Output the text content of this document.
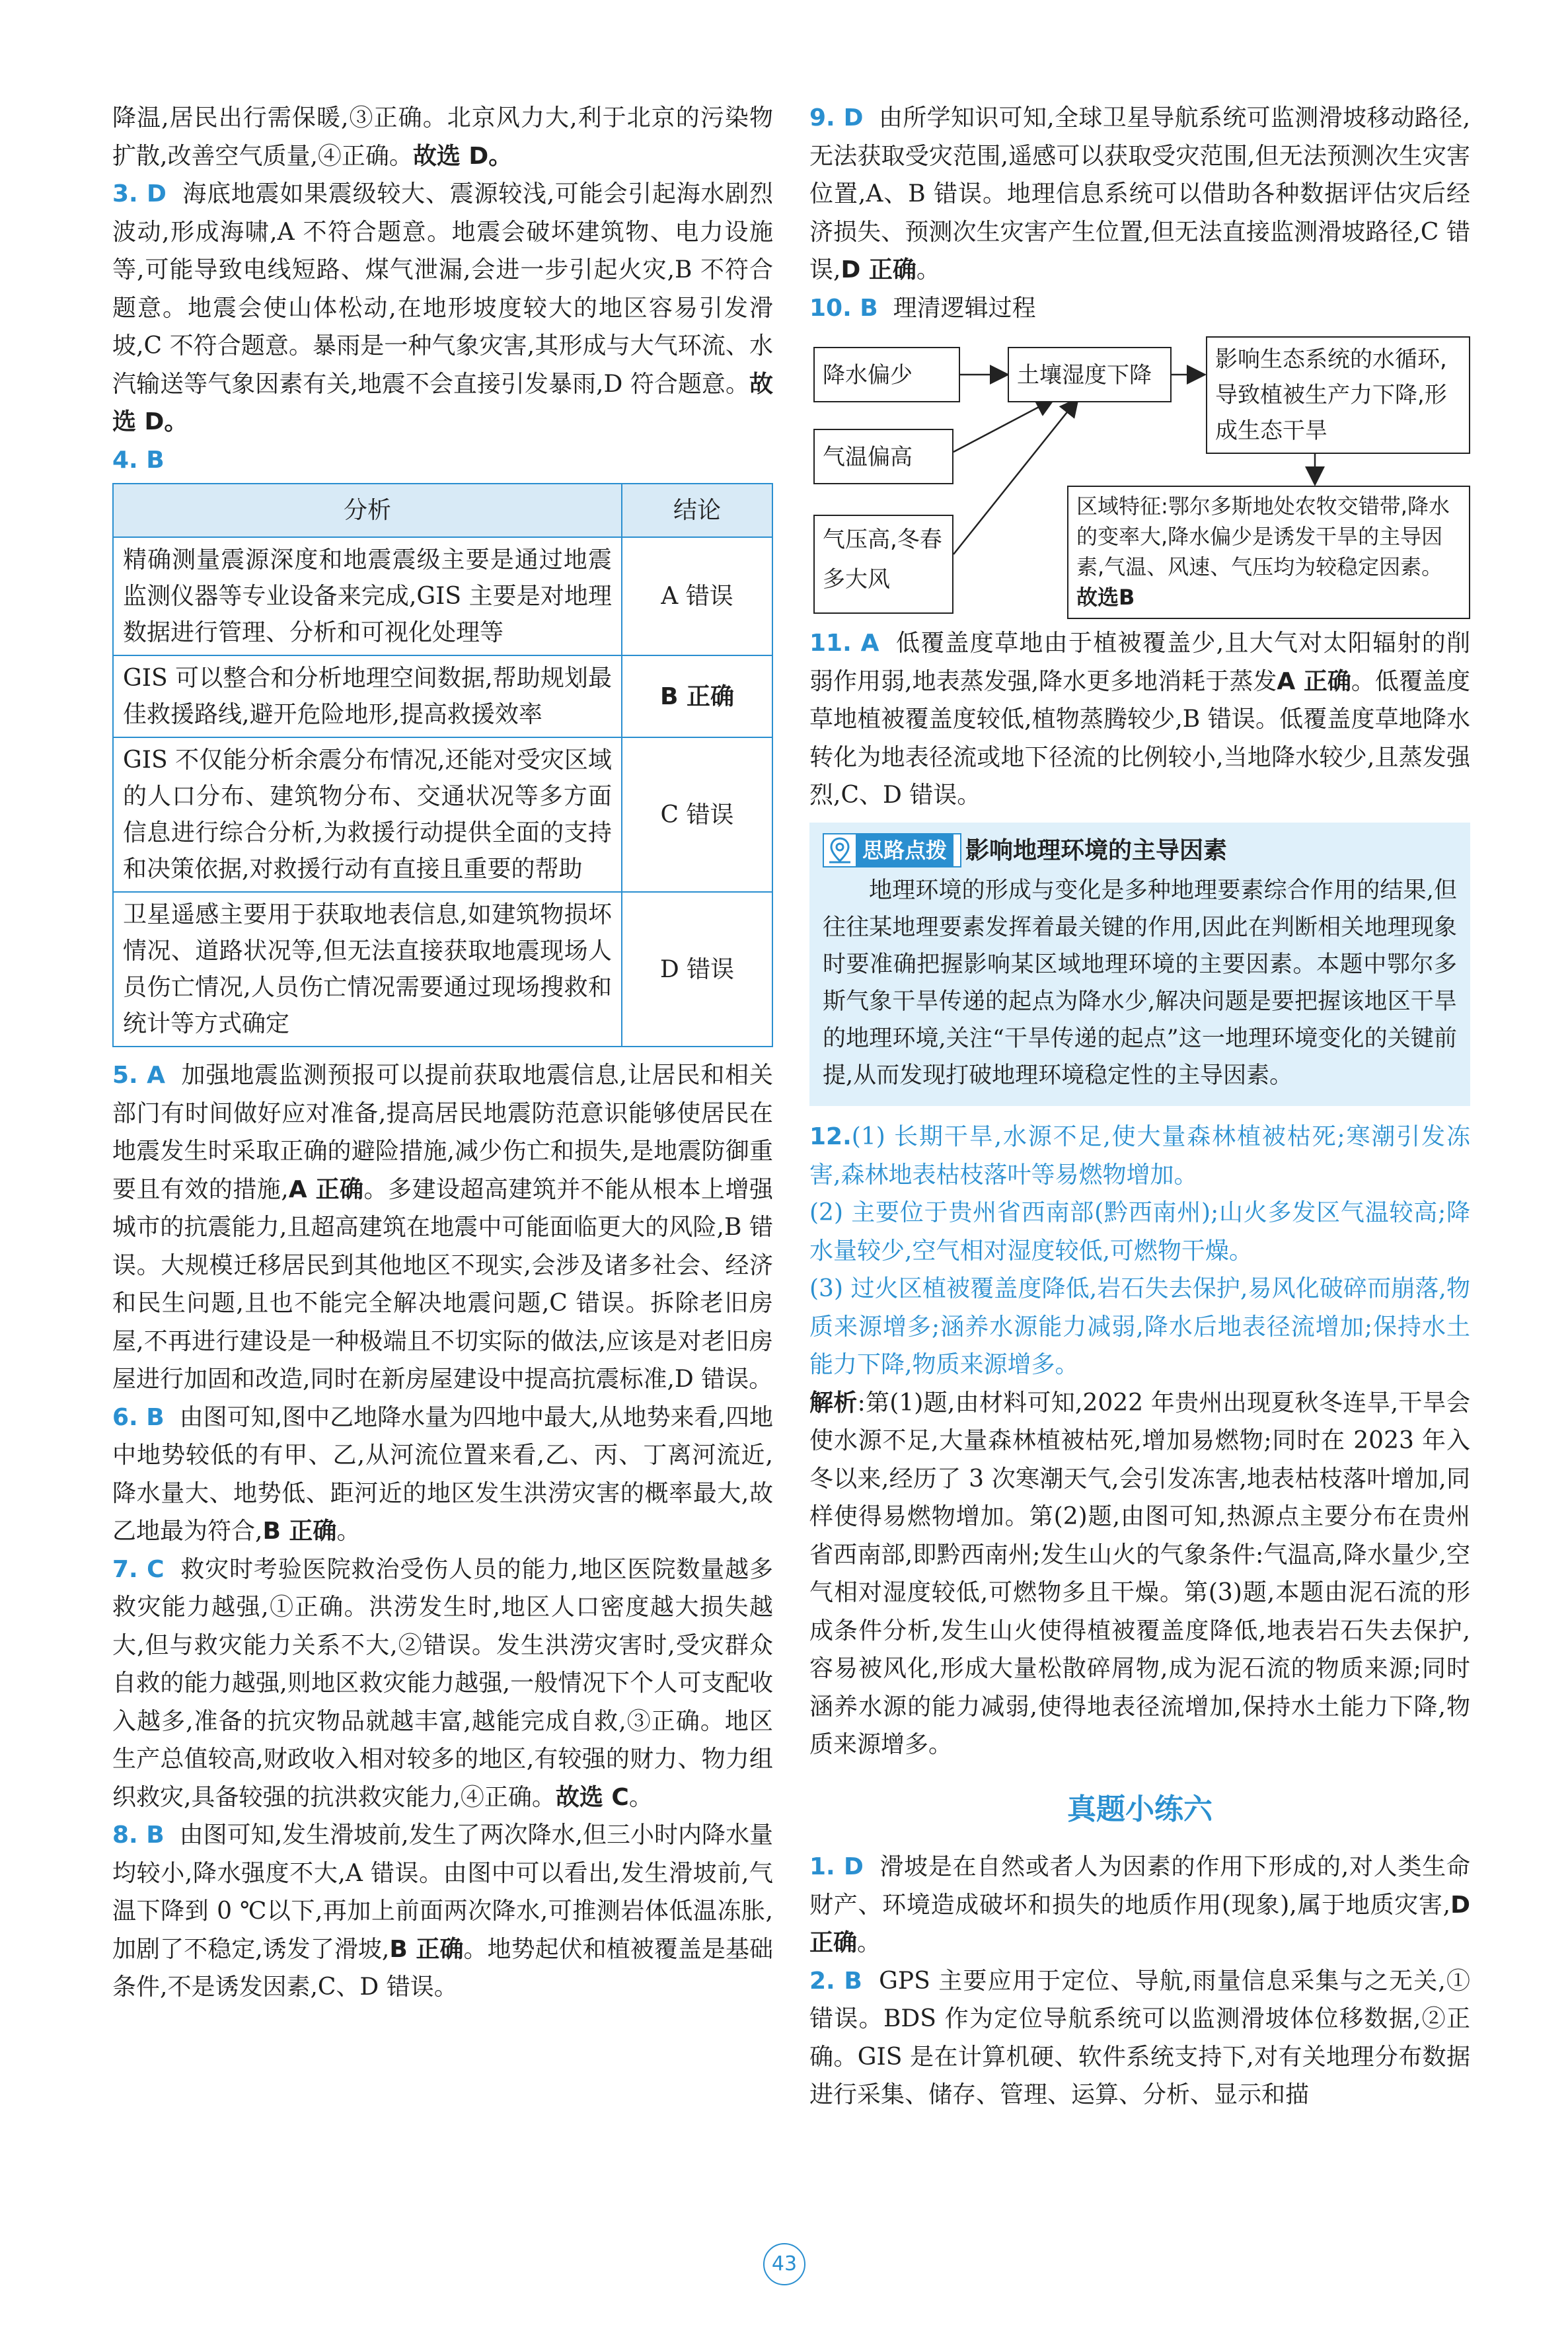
降温,居民出行需保暖,③正确。北京风力大,利于北京的污染物扩散,改善空气质量,④正确。故选 D。

3. D 海底地震如果震级较大、震源较浅,可能会引起海水剧烈波动,形成海啸,A 不符合题意。地震会破坏建筑物、电力设施等,可能导致电线短路、煤气泄漏,会进一步引起火灾,B 不符合题意。地震会使山体松动,在地形坡度较大的地区容易引发滑坡,C 不符合题意。暴雨是一种气象灾害,其形成与大气环流、水汽输送等气象因素有关,地震不会直接引发暴雨,D 符合题意。故选 D。

4. B

分析	结论
精确测量震源深度和地震震级主要是通过地震监测仪器等专业设备来完成,GIS 主要是对地理数据进行管理、分析和可视化处理等	A 错误
GIS 可以整合和分析地理空间数据,帮助规划最佳救援路线,避开危险地形,提高救援效率	B 正确
GIS 不仅能分析余震分布情况,还能对受灾区域的人口分布、建筑物分布、交通状况等多方面信息进行综合分析,为救援行动提供全面的支持和决策依据,对救援行动有直接且重要的帮助	C 错误
卫星遥感主要用于获取地表信息,如建筑物损坏情况、道路状况等,但无法直接获取地震现场人员伤亡情况,人员伤亡情况需要通过现场搜救和统计等方式确定	D 错误

5. A 加强地震监测预报可以提前获取地震信息,让居民和相关部门有时间做好应对准备,提高居民地震防范意识能够使居民在地震发生时采取正确的避险措施,减少伤亡和损失,是地震防御重要且有效的措施,A 正确。多建设超高建筑并不能从根本上增强城市的抗震能力,且超高建筑在地震中可能面临更大的风险,B 错误。大规模迁移居民到其他地区不现实,会涉及诸多社会、经济和民生问题,且也不能完全解决地震问题,C 错误。拆除老旧房屋,不再进行建设是一种极端且不切实际的做法,应该是对老旧房屋进行加固和改造,同时在新房屋建设中提高抗震标准,D 错误。

6. B 由图可知,图中乙地降水量为四地中最大,从地势来看,四地中地势较低的有甲、乙,从河流位置来看,乙、丙、丁离河流近,降水量大、地势低、距河近的地区发生洪涝灾害的概率最大,故乙地最为符合,B 正确。

7. C 救灾时考验医院救治受伤人员的能力,地区医院数量越多救灾能力越强,①正确。洪涝发生时,地区人口密度越大损失越大,但与救灾能力关系不大,②错误。发生洪涝灾害时,受灾群众自救的能力越强,则地区救灾能力越强,一般情况下个人可支配收入越多,准备的抗灾物品就越丰富,越能完成自救,③正确。地区生产总值较高,财政收入相对较多的地区,有较强的财力、物力组织救灾,具备较强的抗洪救灾能力,④正确。故选 C。

8. B 由图可知,发生滑坡前,发生了两次降水,但三小时内降水量均较小,降水强度不大,A 错误。由图中可以看出,发生滑坡前,气温下降到 0 ℃以下,再加上前面两次降水,可推测岩体低温冻胀,加剧了不稳定,诱发了滑坡,B 正确。地势起伏和植被覆盖是基础条件,不是诱发因素,C、D 错误。

9. D 由所学知识可知,全球卫星导航系统可监测滑坡移动路径,无法获取受灾范围,遥感可以获取受灾范围,但无法预测次生灾害位置,A、B 错误。地理信息系统可以借助各种数据评估灾后经济损失、预测次生灾害产生位置,但无法直接监测滑坡路径,C 错误,D 正确。

10. B 理清逻辑过程

降水偏少	土壤湿度下降
影响生态系统的水循环,导致植被生产力下降,形成生态干旱
气温偏高
气压高,冬春多大风
区域特征:鄂尔多斯地处农牧交错带,降水的变率大,降水偏少是诱发干旱的主导因素,气温、风速、气压均为较稳定因素。故选B

11. A 低覆盖度草地由于植被覆盖少,且大气对太阳辐射的削弱作用弱,地表蒸发强,降水更多地消耗于蒸发A 正确。低覆盖度草地植被覆盖度较低,植物蒸腾较少,B 错误。低覆盖度草地降水转化为地表径流或地下径流的比例较小,当地降水较少,且蒸发强烈,C、D 错误。

思路点拨 影响地理环境的主导因素

地理环境的形成与变化是多种地理要素综合作用的结果,但往往某地理要素发挥着最关键的作用,因此在判断相关地理现象时要准确把握影响某区域地理环境的主要因素。本题中鄂尔多斯气象干旱传递的起点为降水少,解决问题是要把握该地区干旱的地理环境,关注“干旱传递的起点”这一地理环境变化的关键前提,从而发现打破地理环境稳定性的主导因素。

12.(1) 长期干旱,水源不足,使大量森林植被枯死;寒潮引发冻害,森林地表枯枝落叶等易燃物增加。

(2) 主要位于贵州省西南部(黔西南州);山火多发区气温较高;降水量较少,空气相对湿度较低,可燃物干燥。

(3) 过火区植被覆盖度降低,岩石失去保护,易风化破碎而崩落,物质来源增多;涵养水源能力减弱,降水后地表径流增加;保持水土能力下降,物质来源增多。

解析:第(1)题,由材料可知,2022 年贵州出现夏秋冬连旱,干旱会使水源不足,大量森林植被枯死,增加易燃物;同时在 2023 年入冬以来,经历了 3 次寒潮天气,会引发冻害,地表枯枝落叶增加,同样使得易燃物增加。第(2)题,由图可知,热源点主要分布在贵州省西南部,即黔西南州;发生山火的气象条件:气温高,降水量少,空气相对湿度较低,可燃物多且干燥。第(3)题,本题由泥石流的形成条件分析,发生山火使得植被覆盖度降低,地表岩石失去保护,容易被风化,形成大量松散碎屑物,成为泥石流的物质来源;同时涵养水源的能力减弱,使得地表径流增加,保持水土能力下降,物质来源增多。

真题小练六

1. D 滑坡是在自然或者人为因素的作用下形成的,对人类生命财产、环境造成破坏和损失的地质作用(现象),属于地质灾害,D 正确。

2. B GPS 主要应用于定位、导航,雨量信息采集与之无关,①错误。BDS 作为定位导航系统可以监测滑坡体位移数据,②正确。GIS 是在计算机硬、软件系统支持下,对有关地理分布数据进行采集、储存、管理、运算、分析、显示和描

43
